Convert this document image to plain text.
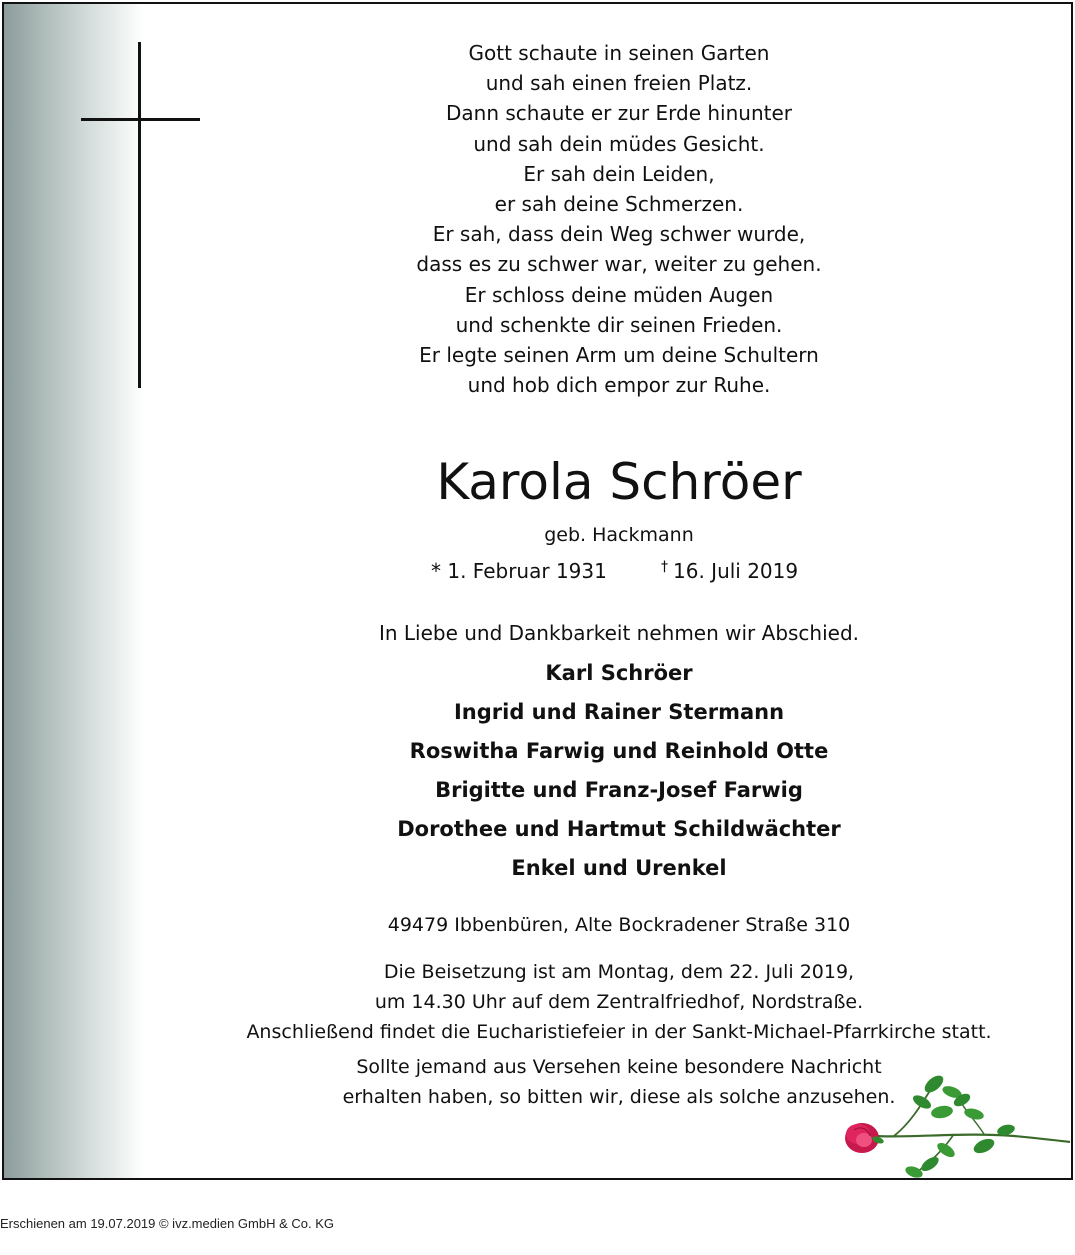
Gott schaute in seinen Garten
und sah einen freien Platz.
Dann schaute er zur Erde hinunter
und sah dein müdes Gesicht.
Er sah dein Leiden,
er sah deine Schmerzen.
Er sah, dass dein Weg schwer wurde,
dass es zu schwer war, weiter zu gehen.
Er schloss deine müden Augen
und schenkte dir seinen Frieden.
Er legte seinen Arm um deine Schultern
und hob dich empor zur Ruhe.
Karola Schröer
geb. Hackmann
* 1. Februar 1931	† 16. Juli 2019
In Liebe und Dankbarkeit nehmen wir Abschied.
Karl Schröer
Ingrid und Rainer Stermann
Roswitha Farwig und Reinhold Otte
Brigitte und Franz-Josef Farwig
Dorothee und Hartmut Schildwächter
Enkel und Urenkel
49479 Ibbenbüren, Alte Bockradener Straße 310
Die Beisetzung ist am Montag, dem 22. Juli 2019,
um 14.30 Uhr auf dem Zentralfriedhof, Nordstraße.
Anschließend findet die Eucharistiefeier in der Sankt-Michael-Pfarrkirche statt.
Sollte jemand aus Versehen keine besondere Nachricht
erhalten haben, so bitten wir, diese als solche anzusehen.
Erschienen am 19.07.2019 © ivz.medien GmbH & Co. KG
